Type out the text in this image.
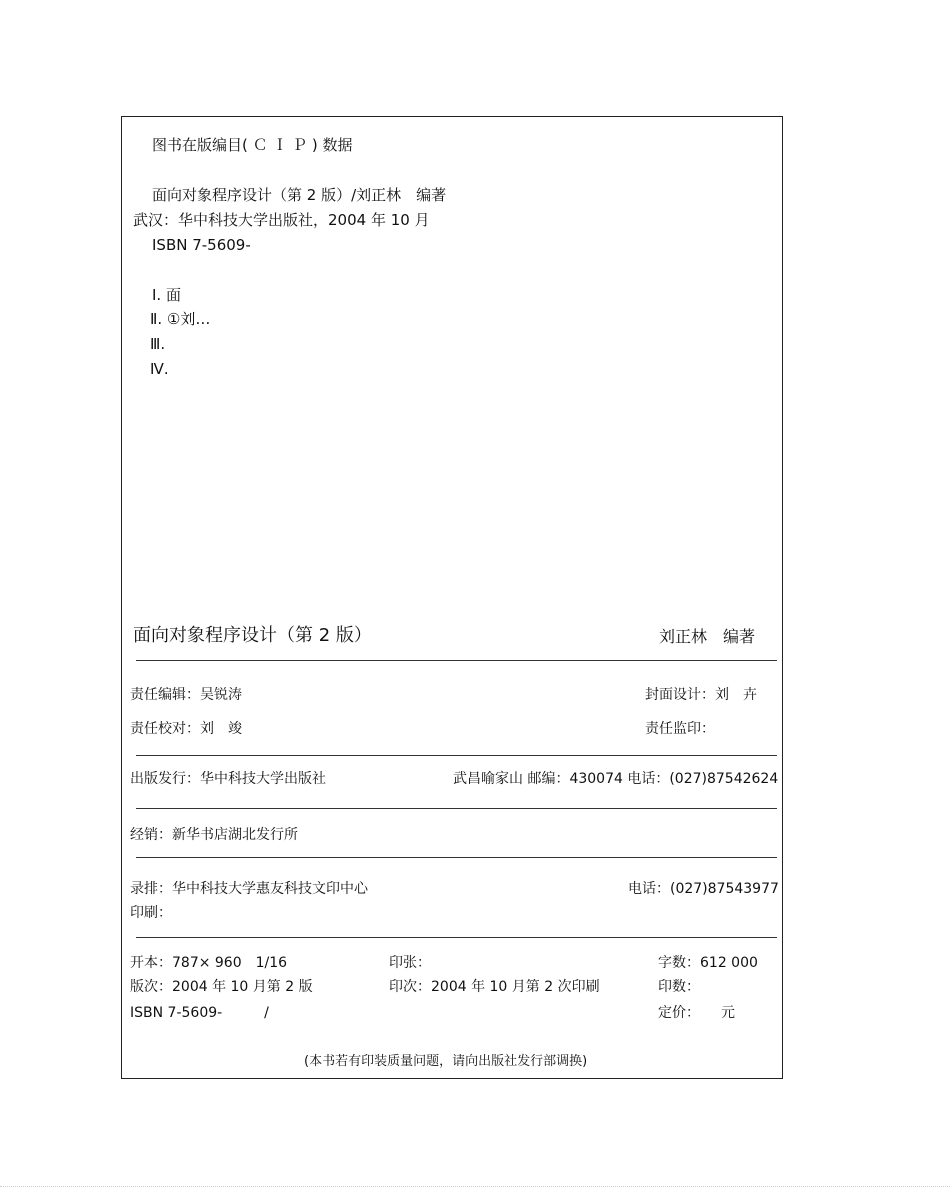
图书在版编目( Ｃ Ｉ Ｐ ) 数据
面向对象程序设计（第 2 版）/刘正林　编著
武汉：华中科技大学出版社，2004 年 10 月
ISBN 7-5609-
Ⅰ. 面
Ⅱ. ①刘…
Ⅲ.
Ⅳ.
面向对象程序设计（第 2 版）	刘正林　编著
责任编辑：吴锐涛	封面设计：刘　卉
责任校对：刘　竣	责任监印：
出版发行：华中科技大学出版社	武昌喻家山 邮编：430074 电话：(027)87542624
经销：新华书店湖北发行所
录排：华中科技大学惠友科技文印中心	电话：(027)87543977
印刷：
开本：787× 960　1/16	印张：	字数：612 000
版次：2004 年 10 月第 2 版	印次：2004 年 10 月第 2 次印刷	印数：
ISBN 7-5609-　　　/	定价：　　元
(本书若有印装质量问题，请向出版社发行部调换)
